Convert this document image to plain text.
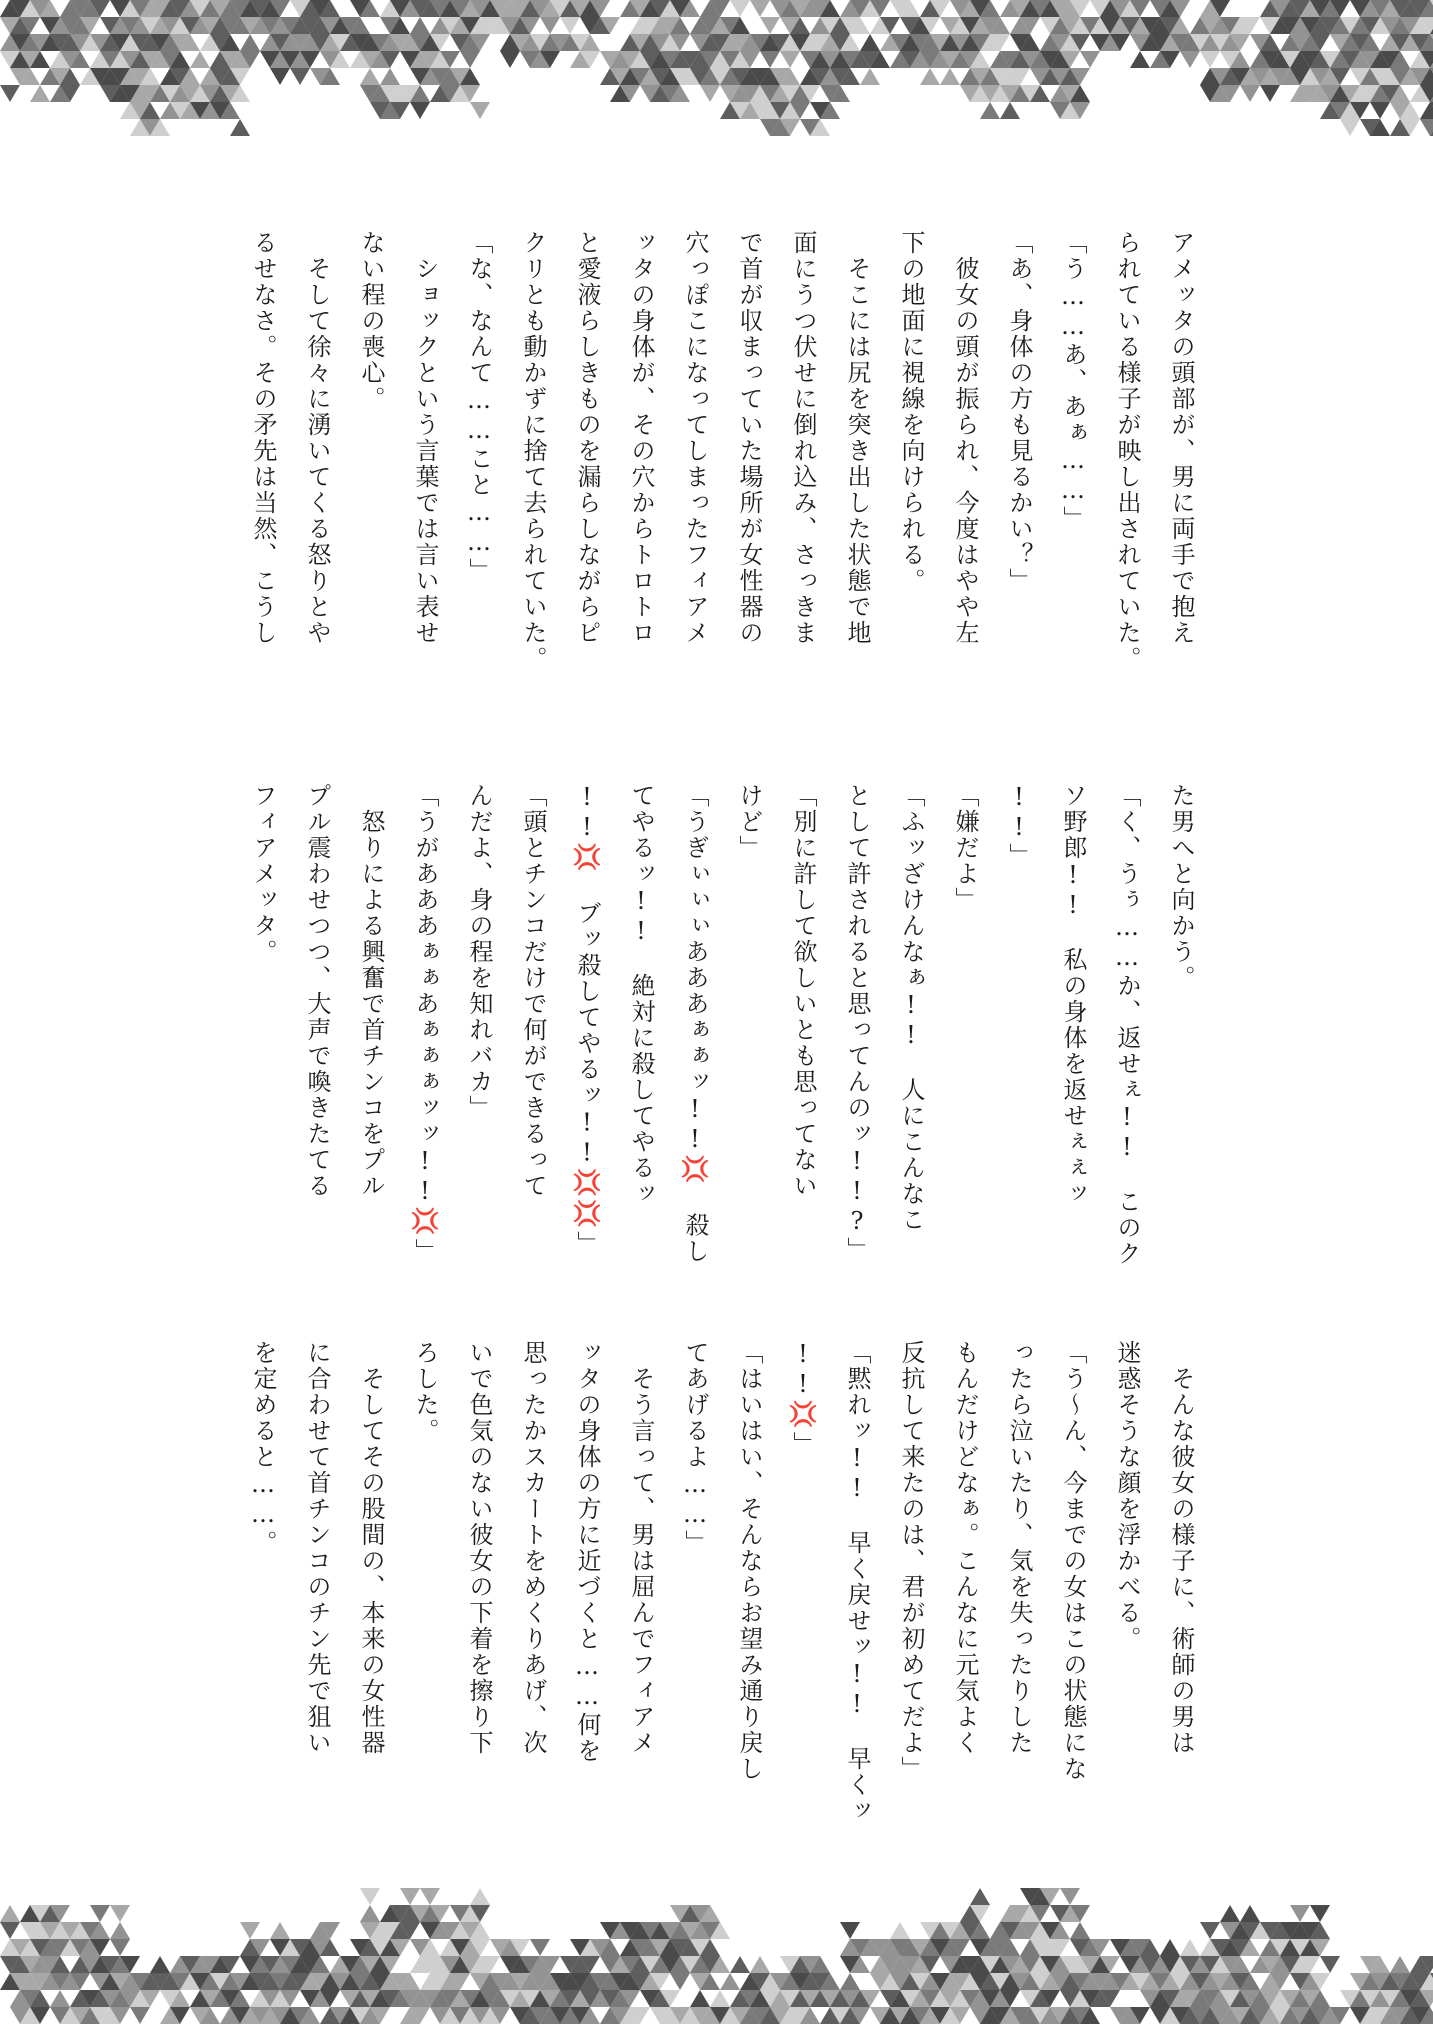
アメッタの頭部が、男に両手で抱え
られている様子が映し出されていた。
「う……あ、あぁ……」
「あ、身体の方も見るかい？」
　彼女の頭が振られ、今度はやや左
下の地面に視線を向けられる。
　そこには尻を突き出した状態で地
面にうつ伏せに倒れ込み、さっきま
で首が収まっていた場所が女性器の
穴っぽこになってしまったフィアメ
ッタの身体が、その穴からトロトロ
と愛液らしきものを漏らしながらピ
クリとも動かずに捨て去られていた。
「な、なんて……こと……」
　ショックという言葉では言い表せ
ない程の喪心。
　そして徐々に湧いてくる怒りとや
るせなさ。その矛先は当然、こうし
た男へと向かう。
「く、うぅ……か、返せぇ!!　このク
ソ野郎!!　私の身体を返せぇぇッ
!!」
「嫌だよ」
「ふッざけんなぁ!!　人にこんなこ
として許されると思ってんのッ!!?」
「別に許して欲しいとも思ってない
けど」
「うぎぃぃぃあああぁぁッ!!💢　殺し
てやるッ!!　絶対に殺してやるッ
!!💢　ブッ殺してやるッ!!💢💢」
「頭とチンコだけで何ができるって
んだよ、身の程を知れバカ」
「うがあああぁぁあぁぁぁッッ!!💢」
　怒りによる興奮で首チンコをプル
プル震わせつつ、大声で喚きたてる
フィアメッタ。
　そんな彼女の様子に、術師の男は
迷惑そうな顔を浮かべる。
「う～ん、今までの女はこの状態にな
ったら泣いたり、気を失ったりした
もんだけどなぁ。こんなに元気よく
反抗して来たのは、君が初めてだよ」
「黙れッ!!　早く戻せッ!!　早くッ
!!💢」
「はいはい、そんならお望み通り戻し
てあげるよ……」
　そう言って、男は屈んでフィアメ
ッタの身体の方に近づくと……何を
思ったかスカートをめくりあげ、次
いで色気のない彼女の下着を擦り下
ろした。
　そしてその股間の、本来の女性器
に合わせて首チンコのチン先で狙い
を定めると……。
